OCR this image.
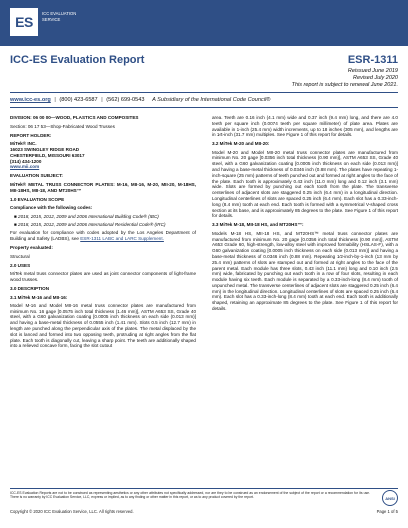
ES
ICC EVALUATION
SERVICE
ICC-ES Evaluation Report	ESR-1311
Reissued June 2019
Revised July 2020
This report is subject to renewal June 2021.
www.icc-es.org | (800) 423-6587 | (562) 699-0543 A Subsidiary of the International Code Council®

DIVISION: 06 00 00—WOOD, PLASTICS AND COMPOSITES

Section: 06 17 53—Shop-Fabricated Wood Trusses

REPORT HOLDER:

MiTek® INC.
16023 SWINGLEY RIDGE ROAD
CHESTERFIELD, MISSOURI 63017
(314) 434-1200

www.mii.com

EVALUATION SUBJECT:

MiTek® METAL TRUSS CONNECTOR PLATES: M-16, MII-16, M-20, MII-20, M-18HS, MII-18HS, MII-18, AND MT20HS™

1.0 EVALUATION SCOPE

Compliance with the following codes:

■ 2018, 2015, 2012, 2009 and 2006 International Building Code® (IBC)

■ 2018, 2015, 2012, 2009 and 2006 International Residential Code® (IRC)

For evaluation for compliance with codes adopted by the Los Angeles Department of Building and Safety (LADBS), see ESR-1311 LABC and LARC Supplement.

Property evaluated:

Structural

2.0 USES

MiTek metal truss connector plates are used as joint connector components of light-frame wood trusses.

3.0 DESCRIPTION

3.1 MiTek M-16 and MII-16:

Model M-16 and Model MII-16 metal truss connector plates are manufactured from minimum No. 16 gage [0.0575 inch total thickness (1.46 mm)], ASTM A653 SS, Grade 40 steel, with a G60 galvanization coating [0.0005 inch thickness on each side (0.013 mm)] and having a base-metal thickness of 0.0555 inch (1.41 mm). Slots 0.5 inch (12.7 mm) in length are punched along the perpendicular axis of the plates. The metal displaced by the slot is lanced and formed into two opposing teeth, protruding at right angles from the flat plate. Each tooth is diagonally cut, leaving a sharp point. The teeth are additionally shaped into a relieved concave form, facing the slot cutout

area. Teeth are 0.16 inch (4.1 mm) wide and 0.37 inch (9.4 mm) long, and there are 4.0 teeth per square inch (0.0074 teeth per square millimeter) of plate area. Plates are available in 1-inch (25.4 mm) width increments, up to 18 inches (305 mm), and lengths are in 1⁄4-inch (31.7 mm) multiples. See Figure 1 of this report for details.

3.2 MiTek M-20 and MII-20:

Model M-20 and Model MII-20 metal truss connector plates are manufactured from minimum No. 20 gage [0.0356 inch total thickness (0.90 mm)], ASTM A653 SS, Grade 40 steel, with a G60 galvanization coating [0.0005 inch thickness on each side (0.013 mm)] and having a base-metal thickness of 0.0346 inch (0.88 mm). The plates have repeating 1-inch-square (25 mm) patterns of teeth punched out and formed at right angles to the face of the plate. Each tooth is approximately 0.43 inch (11.0 mm) long and 0.12 inch (3.1 mm) wide. Slots are formed by punching out each tooth from the plate. The transverse centerlines of adjacent slots are staggered 0.25 inch (6.4 mm) in a longitudinal direction. Longitudinal centerlines of slots are spaced 0.25 inch (6.4 mm). Each slot has a 0.33-inch-long (8.4 mm) tooth at each end. Each tooth is formed with a symmetrical V-shaped cross section at its base, and is approximately 85 degrees to the plate. See Figure 1 of this report for details.

3.3 MiTek M-18, MII-18 HS, and MT20HS™:

Models M-18 HS, MII-18 HS, and MT20HS™ metal truss connector plates are manufactured from minimum No. 20 gage [0.0356 inch total thickness (0.90 mm)], ASTM A653 Grade 60, high-strength, low-alloy steel with improved formability (HSLAS-F), with a G60 galvanization coating [0.0005 inch thickness on each side (0.013 mm)] and having a base-metal thickness of 0.0346 inch (0.88 mm). Repeating 1⁄2-inch-by-1-inch (13 mm by 25.4 mm) patterns of slots are stamped out and formed at right angles to the face of the parent metal. Each module has three slots, 0.43 inch (11.1 mm) long and 0.10 inch (2.5 mm) wide, fabricated by punching out each tooth in a row of four slots, resulting in each module having six teeth. Each module is separated by a 0.33-inch-long (8.4 mm) tooth of unpunched metal. The transverse centerlines of adjacent slots are staggered 0.25 inch (6.4 mm) in the longitudinal direction. Longitudinal centerlines of slots are spaced 0.25 inch (6.4 mm). Each slot has a 0.33-inch-long (8.4 mm) tooth at each end. Each tooth is additionally shaped, retaining an approximate 85 degrees to the plate. See Figure 1 of this report for details.

ICC-ES Evaluation Reports are not to be construed as representing aesthetics or any other attributes not specifically addressed, nor are they to be construed as an endorsement of the subject of the report or a recommendation for its use. There is no warranty by ICC Evaluation Service, LLC, express or implied, as to any finding or other matter in this report, or as to any product covered by the report.	ANSI
Copyright © 2020 ICC Evaluation Service, LLC. All rights reserved.	Page 1 of 5
